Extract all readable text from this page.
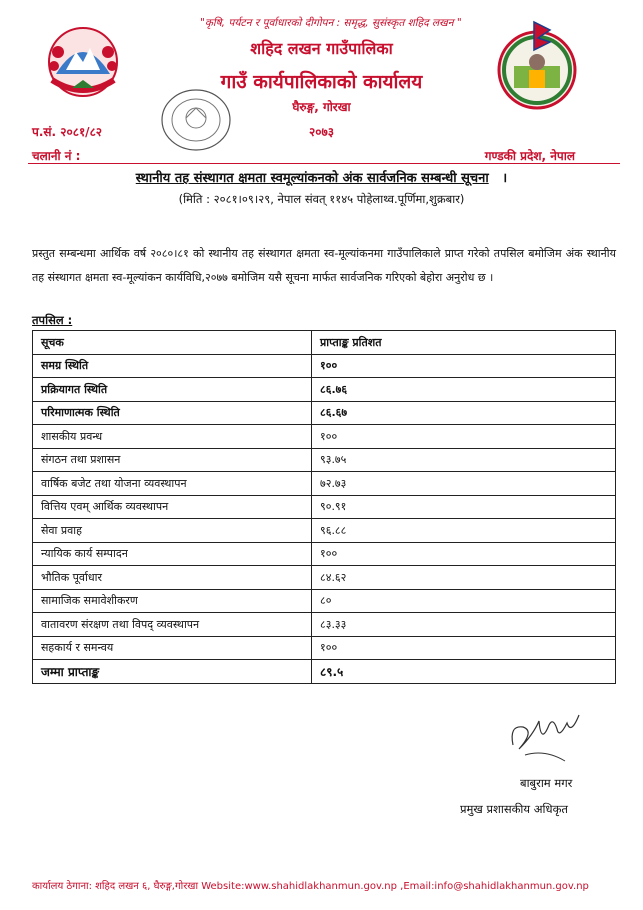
"कृषि, पर्यटन र पूर्वाधारको दीगोपन : समृद्ध, सुसंस्कृत शहिद लखन "
शहिद लखन गाउँपालिका
गाउँ कार्यपालिकाको कार्यालय
घैरुङ्ग, गोरखा
२०७३
प.सं. २०८१/८२
चलानी नं :	गण्डकी प्रदेश, नेपाल
स्थानीय तह संस्थागत क्षमता स्वमूल्यांकनको अंक सार्वजनिक सम्बन्धी सूचना ।
(मिति : २०८१।०९।२९, नेपाल संवत् ११४५ पोहेलाथ्व.पूर्णिमा,शुक्रबार)
प्रस्तुत सम्बन्धमा आर्थिक वर्ष २०८०।८१ को स्थानीय तह संस्थागत क्षमता स्व-मूल्यांकनमा गाउँपालिकाले प्राप्त गरेको तपसिल बमोजिम अंक स्थानीय तह संस्थागत क्षमता स्व-मूल्यांकन कार्यविधि,२०७७ बमोजिम यसै सूचना मार्फत सार्वजनिक गरिएको बेहोरा अनुरोध छ ।
तपसिल :
सूचक	प्राप्ताङ्क प्रतिशत
समग्र स्थिति	१००
प्रक्रियागत स्थिति	८६.७६
परिमाणात्मक स्थिति	८६.६७
शासकीय प्रवन्ध	१००
संगठन तथा प्रशासन	९३.७५
वार्षिक बजेट तथा योजना व्यवस्थापन	७२.७३
वित्तिय एवम् आर्थिक व्यवस्थापन	९०.९१
सेवा प्रवाह	९६.८८
न्यायिक कार्य सम्पादन	१००
भौतिक पूर्वाधार	८४.६२
सामाजिक समावेशीकरण	८०
वातावरण संरक्षण तथा विपद् व्यवस्थापन	८३.३३
सहकार्य र समन्वय	१००
जम्मा प्राप्ताङ्क	८९.५
बाबुराम मगर
प्रमुख प्रशासकीय अधिकृत
कार्यालय ठेगाना: शहिद लखन ६, घैरुङ्ग,गोरखा Website:www.shahidlakhanmun.gov.np ,Email:info@shahidlakhanmun.gov.np
